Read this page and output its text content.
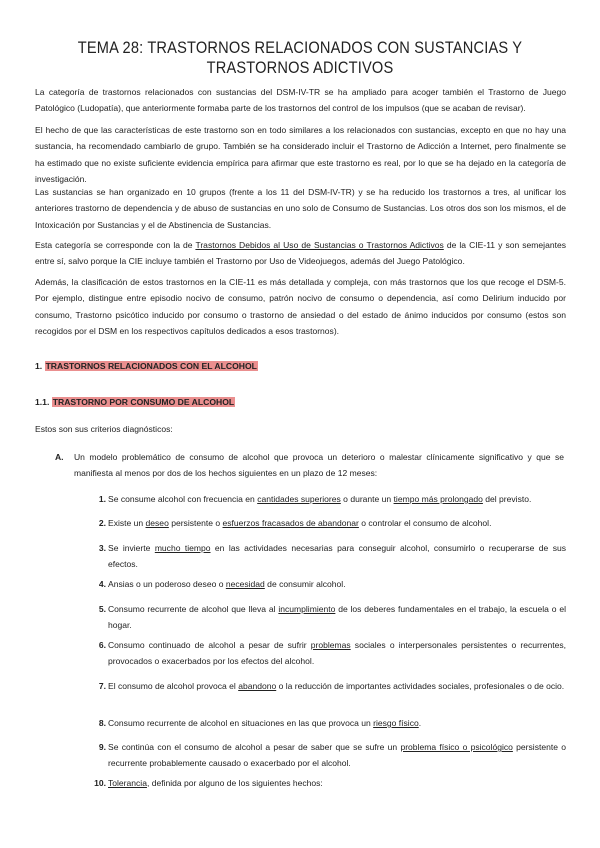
TEMA 28: TRASTORNOS RELACIONADOS CON SUSTANCIAS Y TRASTORNOS ADICTIVOS

La categoría de trastornos relacionados con sustancias del DSM-IV-TR se ha ampliado para acoger también el Trastorno de Juego Patológico (Ludopatía), que anteriormente formaba parte de los trastornos del control de los impulsos (que se acaban de revisar).

El hecho de que las características de este trastorno son en todo similares a los relacionados con sustancias, excepto en que no hay una sustancia, ha recomendado cambiarlo de grupo. También se ha considerado incluir el Trastorno de Adicción a Internet, pero finalmente se ha estimado que no existe suficiente evidencia empírica para afirmar que este trastorno es real, por lo que se ha dejado en la categoría de investigación.

Las sustancias se han organizado en 10 grupos (frente a los 11 del DSM-IV-TR) y se ha reducido los trastornos a tres, al unificar los anteriores trastorno de dependencia y de abuso de sustancias en uno solo de Consumo de Sustancias. Los otros dos son los mismos, el de Intoxicación por Sustancias y el de Abstinencia de Sustancias.

Esta categoría se corresponde con la de Trastornos Debidos al Uso de Sustancias o Trastornos Adictivos de la CIE-11 y son semejantes entre sí, salvo porque la CIE incluye también el Trastorno por Uso de Videojuegos, además del Juego Patológico.

Además, la clasificación de estos trastornos en la CIE-11 es más detallada y compleja, con más trastornos que los que recoge el DSM-5. Por ejemplo, distingue entre episodio nocivo de consumo, patrón nocivo de consumo o dependencia, así como Delirium inducido por consumo, Trastorno psicótico inducido por consumo o trastorno de ansiedad o del estado de ánimo inducidos por consumo (estos son recogidos por el DSM en los respectivos capítulos dedicados a esos trastornos).

1. TRASTORNOS RELACIONADOS CON EL ALCOHOL
1.1. TRASTORNO POR CONSUMO DE ALCOHOL

Estos son sus criterios diagnósticos:

A. Un modelo problemático de consumo de alcohol que provoca un deterioro o malestar clínicamente significativo y que se manifiesta al menos por dos de los hechos siguientes en un plazo de 12 meses:
1. Se consume alcohol con frecuencia en cantidades superiores o durante un tiempo más prolongado del previsto.
2. Existe un deseo persistente o esfuerzos fracasados de abandonar o controlar el consumo de alcohol.
3. Se invierte mucho tiempo en las actividades necesarias para conseguir alcohol, consumirlo o recuperarse de sus efectos.
4. Ansias o un poderoso deseo o necesidad de consumir alcohol.
5. Consumo recurrente de alcohol que lleva al incumplimiento de los deberes fundamentales en el trabajo, la escuela o el hogar.
6. Consumo continuado de alcohol a pesar de sufrir problemas sociales o interpersonales persistentes o recurrentes, provocados o exacerbados por los efectos del alcohol.
7. El consumo de alcohol provoca el abandono o la reducción de importantes actividades sociales, profesionales o de ocio.
8. Consumo recurrente de alcohol en situaciones en las que provoca un riesgo físico.
9. Se continúa con el consumo de alcohol a pesar de saber que se sufre un problema físico o psicológico persistente o recurrente probablemente causado o exacerbado por el alcohol.
10. Tolerancia, definida por alguno de los siguientes hechos:
